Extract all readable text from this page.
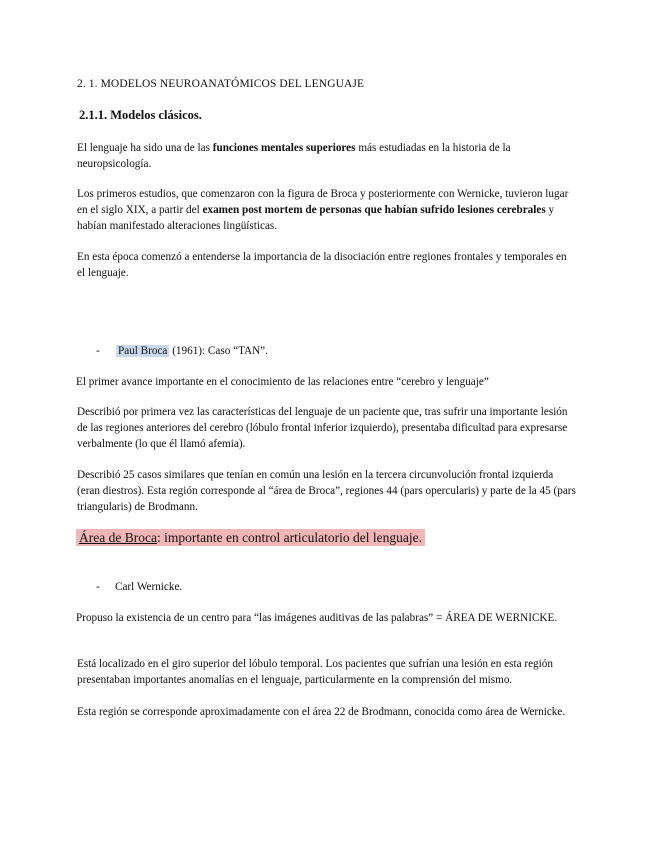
2. 1. MODELOS NEUROANATÓMICOS DEL LENGUAJE
2.1.1. Modelos clásicos.
El lenguaje ha sido una de las funciones mentales superiores más estudiadas en la historia de la neuropsicología.
Los primeros estudios, que comenzaron con la figura de Broca y posteriormente con Wernicke, tuvieron lugar en el siglo XIX, a partir del examen post mortem de personas que habían sufrido lesiones cerebrales y habían manifestado alteraciones lingüísticas.
En esta época comenzó a entenderse la importancia de la disociación entre regiones frontales y temporales en el lenguaje.
- Paul Broca (1961): Caso “TAN”.
El primer avance importante en el conocimiento de las relaciones entre “cerebro y lenguaje”
Describió por primera vez las características del lenguaje de un paciente que, tras sufrir una importante lesión de las regiones anteriores del cerebro (lóbulo frontal inferior izquierdo), presentaba dificultad para expresarse verbalmente (lo que él llamó afemia).
Describió 25 casos similares que tenían en común una lesión en la tercera circunvolución frontal izquierda (eran diestros). Esta región corresponde al “área de Broca”, regiones 44 (pars opercularis) y parte de la 45 (pars triangularis) de Brodmann.
Área de Broca: importante en control articulatorio del lenguaje.
- Carl Wernicke.
Propuso la existencia de un centro para “las imágenes auditivas de las palabras” = ÁREA DE WERNICKE.
Está localizado en el giro superior del lóbulo temporal. Los pacientes que sufrían una lesión en esta región presentaban importantes anomalías en el lenguaje, particularmente en la comprensión del mismo.
Esta región se corresponde aproximadamente con el área 22 de Brodmann, conocida como área de Wernicke.
